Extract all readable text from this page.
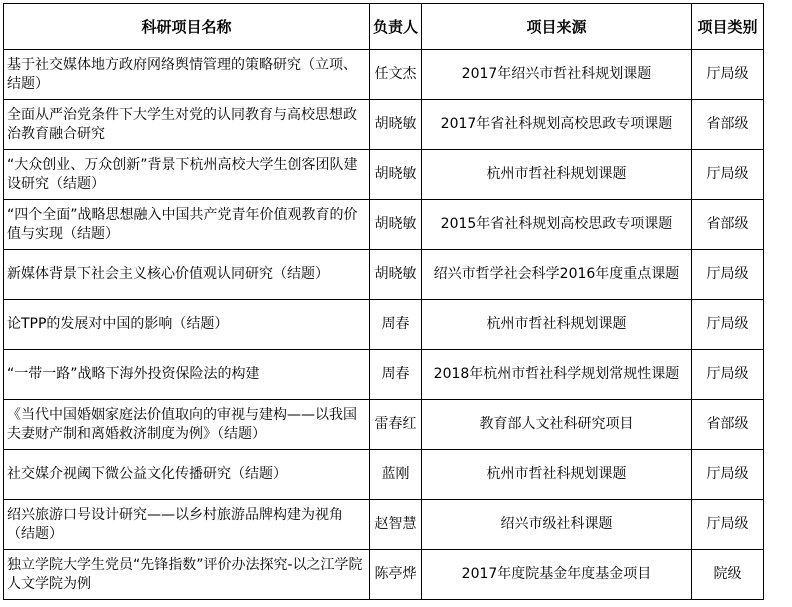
科研项目名称	负责人	项目来源	项目类别
基于社交媒体地方政府网络舆情管理的策略研究（立项、结题）	任文杰	2017年绍兴市哲社科规划课题	厅局级
全面从严治党条件下大学生对党的认同教育与高校思想政治教育融合研究	胡晓敏	2017年省社科规划高校思政专项课题	省部级
“大众创业、万众创新”背景下杭州高校大学生创客团队建设研究（结题）	胡晓敏	杭州市哲社科规划课题	厅局级
“四个全面”战略思想融入中国共产党青年价值观教育的价值与实现（结题）	胡晓敏	2015年省社科规划高校思政专项课题	省部级
新媒体背景下社会主义核心价值观认同研究（结题）	胡晓敏	绍兴市哲学社会科学2016年度重点课题	厅局级
论TPP的发展对中国的影响（结题）	周春	杭州市哲社科规划课题	厅局级
“一带一路”战略下海外投资保险法的构建	周春	2018年杭州市哲社科学规划常规性课题	厅局级
《当代中国婚姻家庭法价值取向的审视与建构——以我国夫妻财产制和离婚救济制度为例》（结题）	雷春红	教育部人文社科研究项目	省部级
社交媒介视阈下微公益文化传播研究（结题）	蓝刚	杭州市哲社科规划课题	厅局级
绍兴旅游口号设计研究——以乡村旅游品牌构建为视角（结题）	赵智慧	绍兴市级社科课题	厅局级
独立学院大学生党员“先锋指数”评价办法探究-以之江学院人文学院为例	陈亭烨	2017年度院基金年度基金项目	院级
